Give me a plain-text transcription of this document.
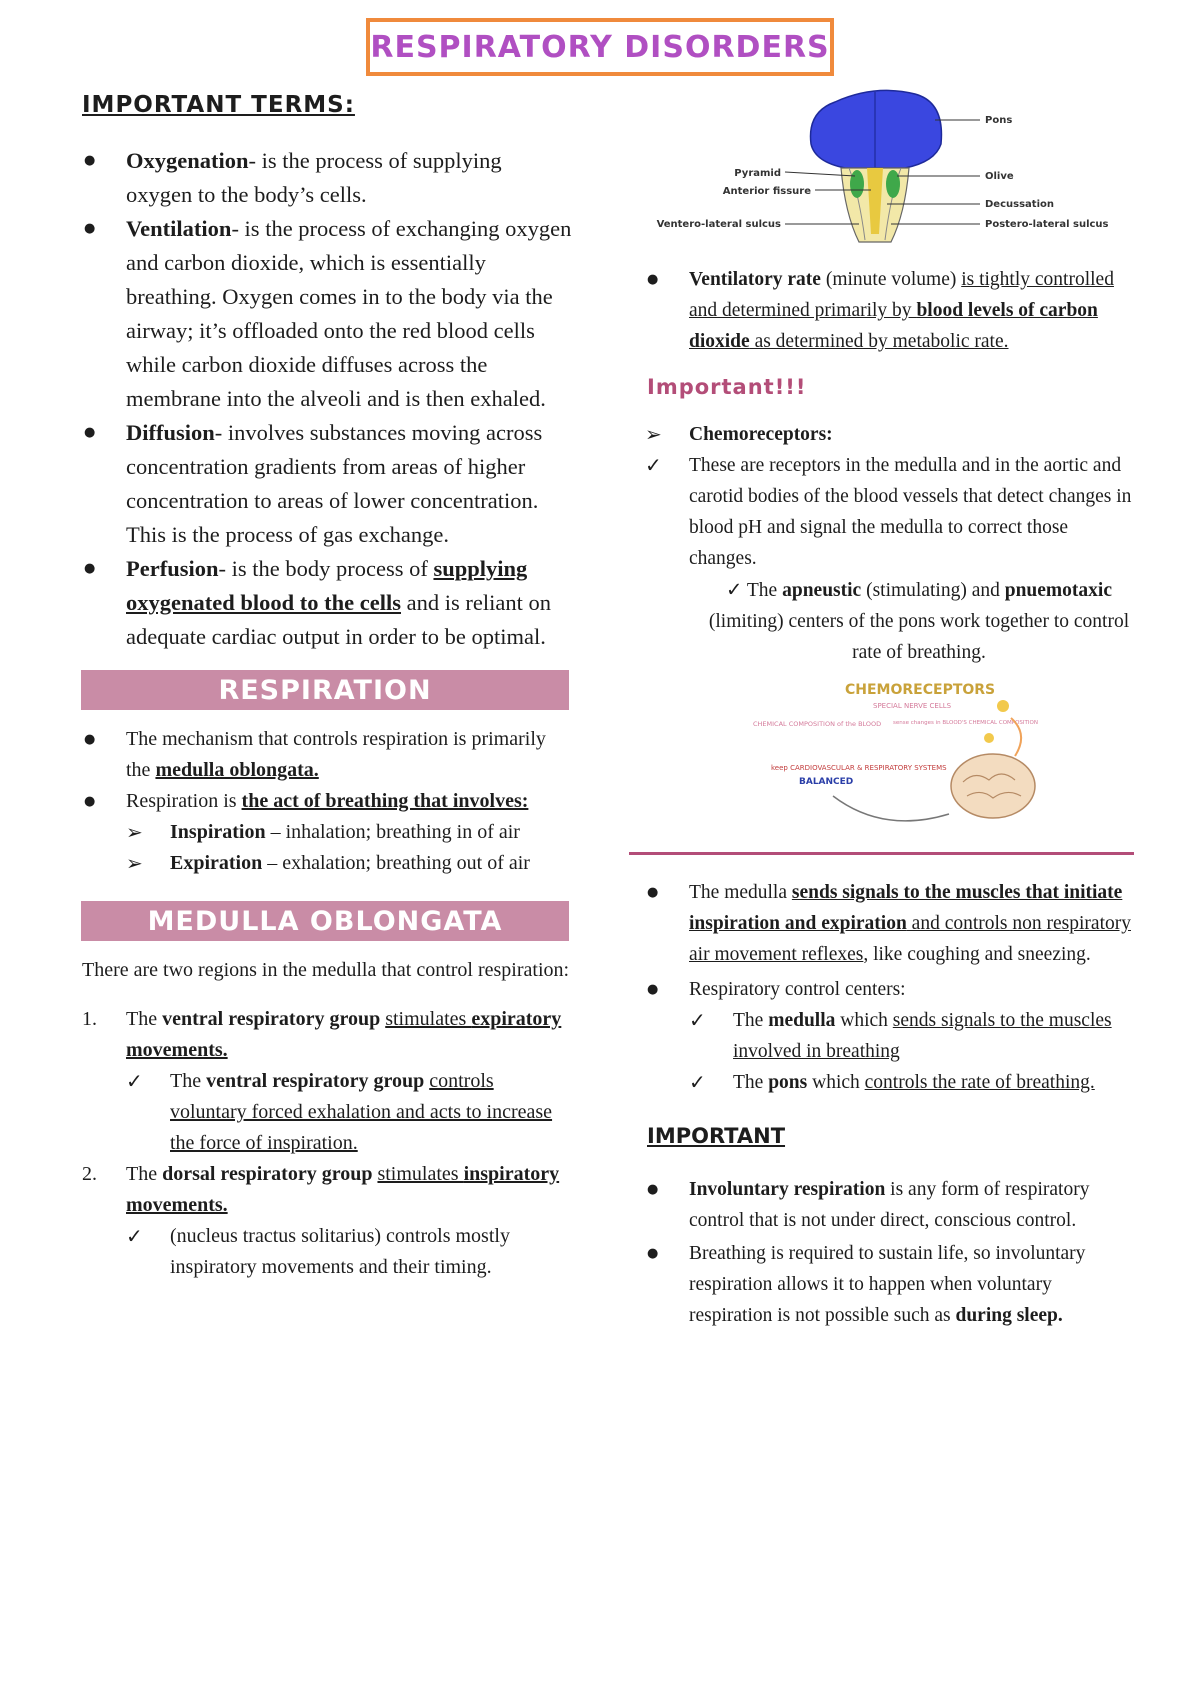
RESPIRATORY DISORDERS
IMPORTANT TERMS:
● Oxygenation- is the process of supplying oxygen to the body’s cells.
● Ventilation- is the process of exchanging oxygen and carbon dioxide, which is essentially breathing. Oxygen comes in to the body via the airway; it’s offloaded onto the red blood cells while carbon dioxide diffuses across the membrane into the alveoli and is then exhaled.
● Diffusion- involves substances moving across concentration gradients from areas of higher concentration to areas of lower concentration. This is the process of gas exchange.
● Perfusion- is the body process of supplying oxygenated blood to the cells and is reliant on adequate cardiac output in order to be optimal.
RESPIRATION
● The mechanism that controls respiration is primarily the medulla oblongata.
● Respiration is the act of breathing that involves:
➢ Inspiration – inhalation; breathing in of air
➢ Expiration – exhalation; breathing out of air
MEDULLA OBLONGATA
There are two regions in the medulla that control respiration:
1. The ventral respiratory group stimulates expiratory movements.
✓ The ventral respiratory group controls voluntary forced exhalation and acts to increase the force of inspiration.
2. The dorsal respiratory group stimulates inspiratory movements.
✓ (nucleus tractus solitarius) controls mostly inspiratory movements and their timing.
Pons
Olive
Decussation
Postero-lateral sulcus
Pyramid
Anterior fissure
Ventero-lateral sulcus
● Ventilatory rate (minute volume) is tightly controlled and determined primarily by blood levels of carbon dioxide as determined by metabolic rate.
Important!!!
➢ Chemoreceptors:
✓ These are receptors in the medulla and in the aortic and carotid bodies of the blood vessels that detect changes in blood pH and signal the medulla to correct those changes.
✓ The apneustic (stimulating) and pnuemotaxic (limiting) centers of the pons work together to control rate of breathing.
CHEMORECEPTORS
SPECIAL NERVE CELLS
sense changes in BLOOD'S CHEMICAL COMPOSITION
CHEMICAL COMPOSITION of the BLOOD
keep CARDIOVASCULAR & RESPIRATORY SYSTEMS
BALANCED
● The medulla sends signals to the muscles that initiate inspiration and expiration and controls non respiratory air movement reflexes, like coughing and sneezing.
● Respiratory control centers:
✓ The medulla which sends signals to the muscles involved in breathing
✓ The pons which controls the rate of breathing.
IMPORTANT
● Involuntary respiration is any form of respiratory control that is not under direct, conscious control.
● Breathing is required to sustain life, so involuntary respiration allows it to happen when voluntary respiration is not possible such as during sleep.
